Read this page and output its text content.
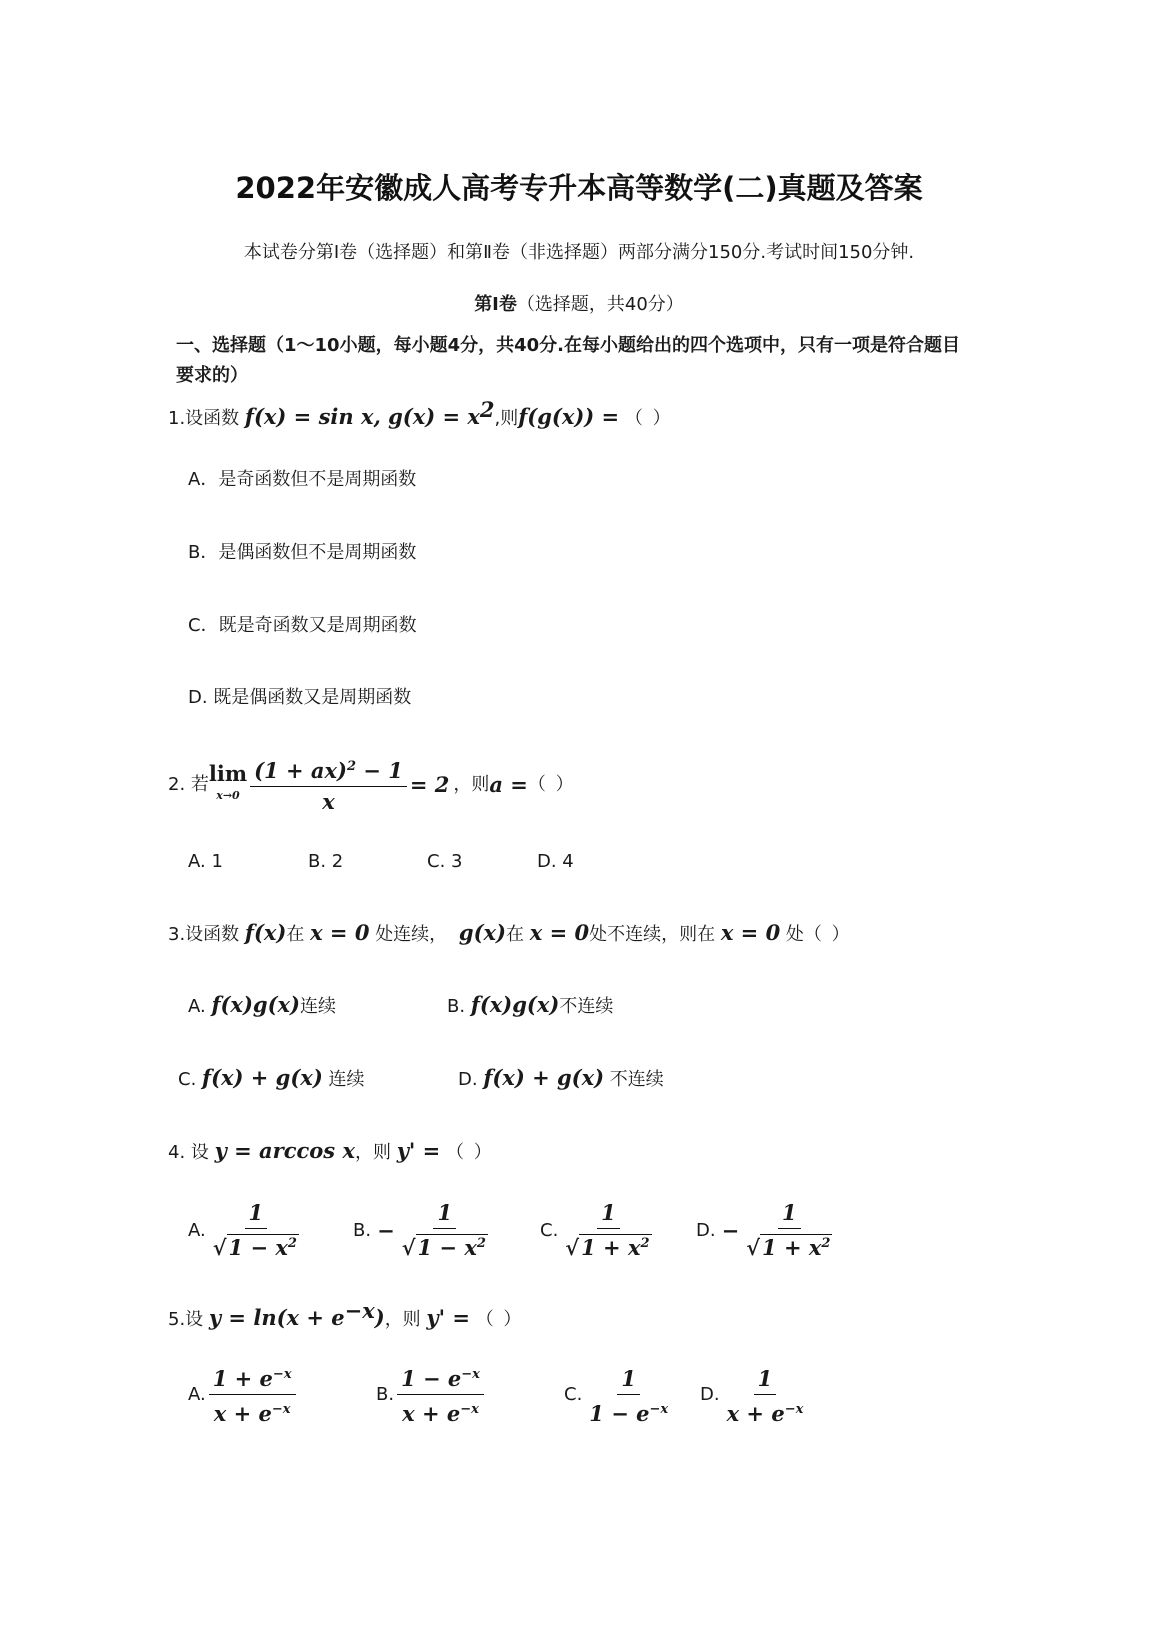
2022年安徽成人高考专升本高等数学(二)真题及答案
本试卷分第Ⅰ卷（选择题）和第Ⅱ卷（非选择题）两部分满分150分.考试时间150分钟.
第Ⅰ卷（选择题，共40分）
一、选择题（1～10小题，每小题4分，共40分.在每小题给出的四个选项中，只有一项是符合题目要求的）
1.设函数 f(x) = sin x, $g(x) = x^2$,则f(g(x)) = （ ）
A．是奇函数但不是周期函数
B．是偶函数但不是周期函数
C．既是奇函数又是周期函数
D. 既是偶函数又是周期函数
2. 若 lim
$x\to 0 \frac{(1 + ax)^2 - 1}{x} = 2$ ，则 a = （ ）
A. 1	B. 2	C. 3	D. 4
3.设函数 f(x)在 x = 0 处连续， g(x)在 x = 0处不连续，则在 x = 0 处（ ）
A. f(x)g(x)连续	B. f(x)g(x)不连续
C. f(x) + g(x) 连续	D. f(x) + g(x) 不连续
4. 设 y = arccos x，则 y' = （ ）
A. $\frac{1}{√1 - x^2}$	B. − $\frac{1}{√1 - x^2}$	C. $\frac{1}{√1 + x^2} D$. − $\frac{1}{√1 + x^2}$
5.设 $y = \ln(x + e^{-x})$，则 y' = （ ）
A. $\frac{1 + e^{-x}}{x + e^{-x}}$	B. $\frac{1 - e^{-x}}{x + e^{-x}}$	C. $\frac{1}{1 - e^{-x}} D$. $\frac{1}{x + e^{-x}}$
